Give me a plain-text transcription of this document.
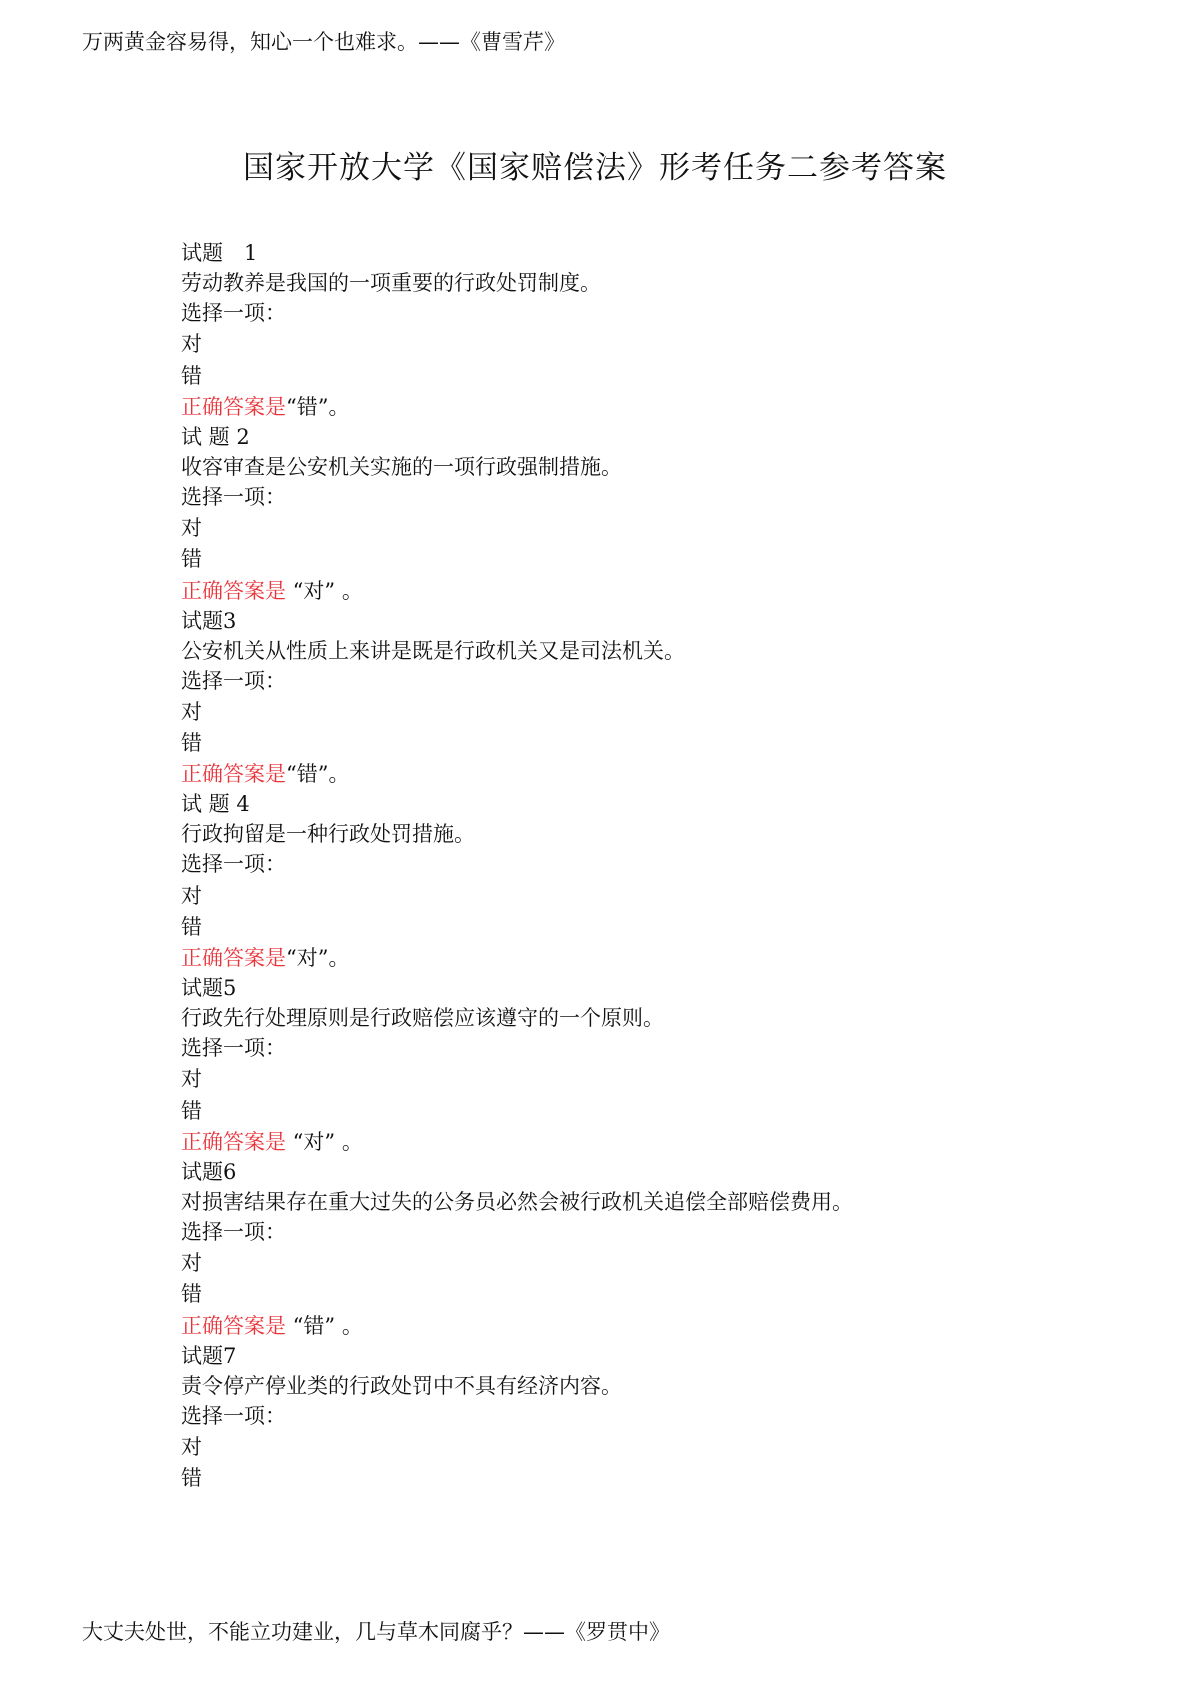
万两黄金容易得，知心一个也难求。——《曹雪芹》
国家开放大学《国家赔偿法》形考任务二参考答案
试题　1
劳动教养是我国的一项重要的行政处罚制度。
选择一项：
对
错
正确答案是“错”。
试 题 2
收容审查是公安机关实施的一项行政强制措施。
选择一项：
对
错
正确答案是 “对” 。
试题3
公安机关从性质上来讲是既是行政机关又是司法机关。
选择一项：
对
错
正确答案是“错”。
试 题 4
行政拘留是一种行政处罚措施。
选择一项：
对
错
正确答案是“对”。
试题5
行政先行处理原则是行政赔偿应该遵守的一个原则。
选择一项：
对
错
正确答案是 “对” 。
试题6
对损害结果存在重大过失的公务员必然会被行政机关追偿全部赔偿费用。
选择一项：
对
错
正确答案是 “错” 。
试题7
责令停产停业类的行政处罚中不具有经济内容。
选择一项：
对
错
大丈夫处世，不能立功建业，几与草木同腐乎？——《罗贯中》
